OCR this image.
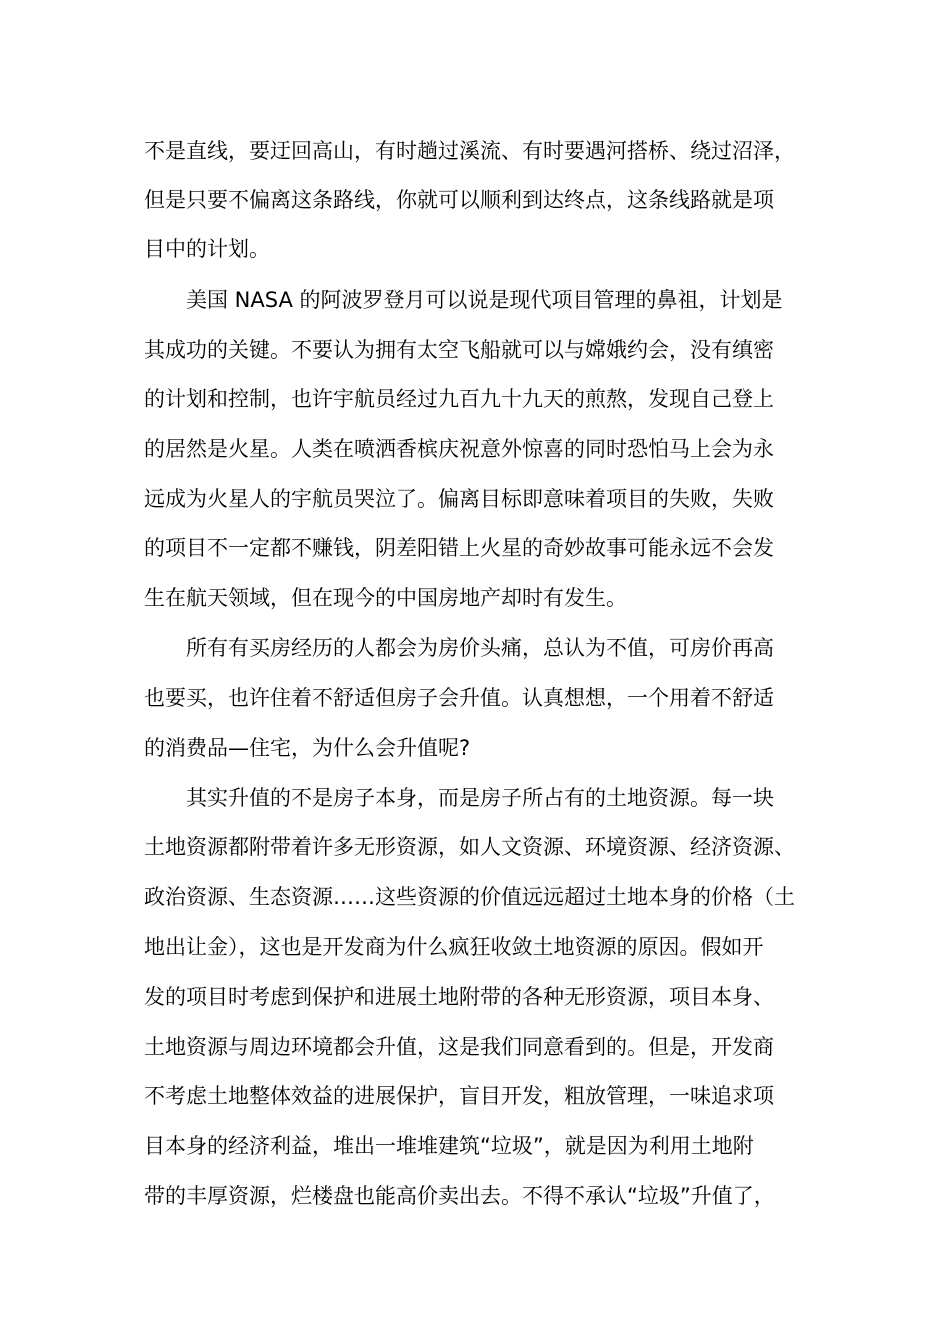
不是直线，要迂回高山，有时趟过溪流、有时要遇河搭桥、绕过沼泽，
但是只要不偏离这条路线，你就可以顺利到达终点，这条线路就是项
目中的计划。
美国 NASA 的阿波罗登月可以说是现代项目管理的鼻祖，计划是
其成功的关键。不要认为拥有太空飞船就可以与嫦娥约会，没有缜密
的计划和控制，也许宇航员经过九百九十九天的煎熬，发现自己登上
的居然是火星。人类在喷洒香槟庆祝意外惊喜的同时恐怕马上会为永
远成为火星人的宇航员哭泣了。偏离目标即意味着项目的失败，失败
的项目不一定都不赚钱，阴差阳错上火星的奇妙故事可能永远不会发
生在航天领域，但在现今的中国房地产却时有发生。
所有有买房经历的人都会为房价头痛，总认为不值，可房价再高
也要买，也许住着不舒适但房子会升值。认真想想，一个用着不舒适
的消费品—住宅，为什么会升值呢?
其实升值的不是房子本身，而是房子所占有的土地资源。每一块
土地资源都附带着许多无形资源，如人文资源、环境资源、经济资源、
政治资源、生态资源……这些资源的价值远远超过土地本身的价格（土
地出让金），这也是开发商为什么疯狂收敛土地资源的原因。假如开
发的项目时考虑到保护和进展土地附带的各种无形资源，项目本身、
土地资源与周边环境都会升值，这是我们同意看到的。但是，开发商
不考虑土地整体效益的进展保护，盲目开发，粗放管理，一味追求项
目本身的经济利益，堆出一堆堆建筑“垃圾”，就是因为利用土地附
带的丰厚资源，烂楼盘也能高价卖出去。不得不承认“垃圾”升值了，
